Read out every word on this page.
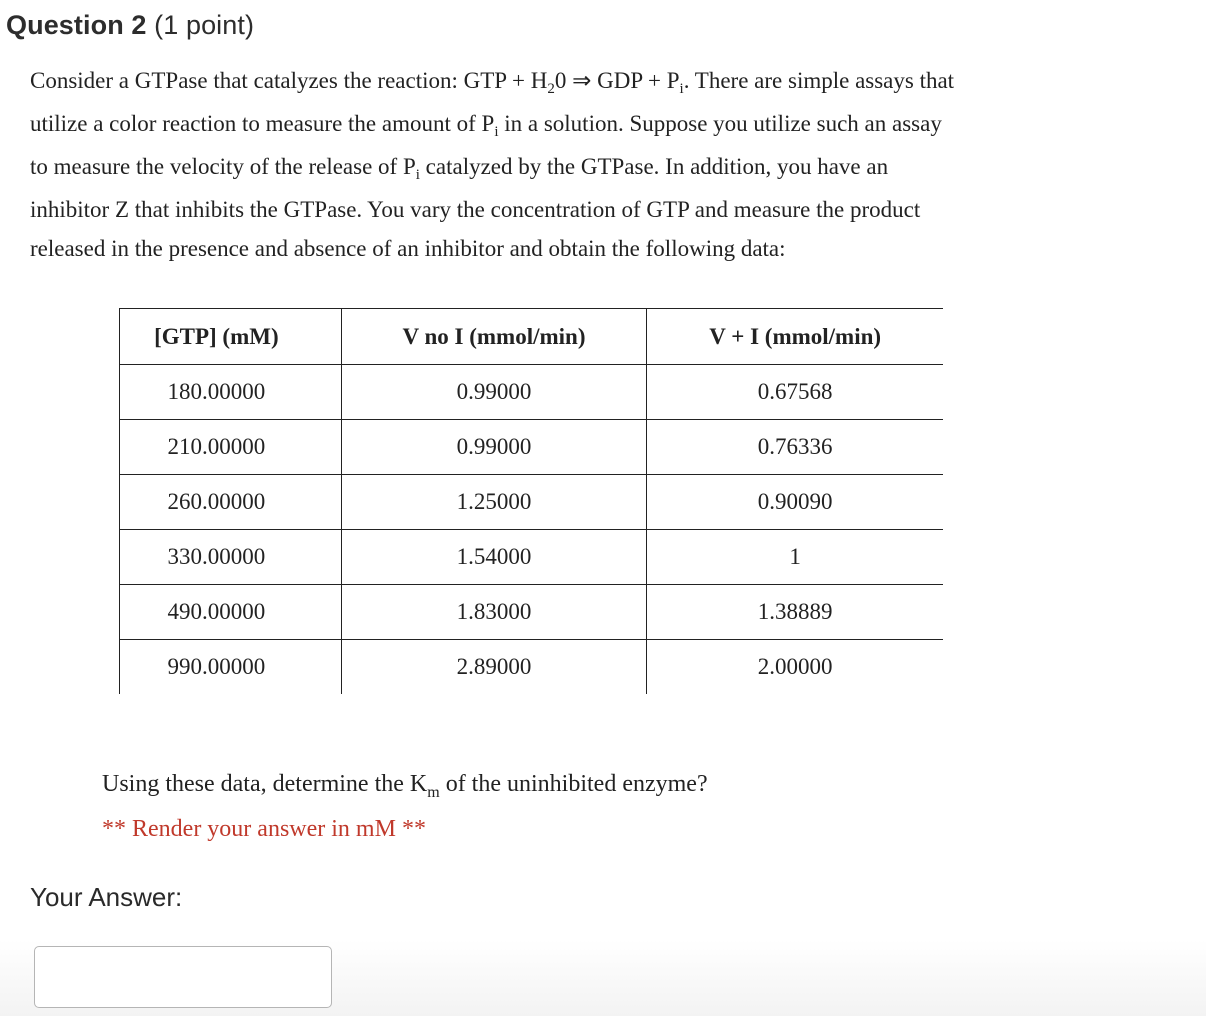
Question 2 (1 point)
Consider a GTPase that catalyzes the reaction: GTP + $H_20$ ⇒ GDP + $P_i$. There are simple assays that
utilize a color reaction to measure the amount of $P_i$ in a solution. Suppose you utilize such an assay
to measure the velocity of the release of $P_i$ catalyzed by the GTPase. In addition, you have an
inhibitor Z that inhibits the GTPase. You vary the concentration of GTP and measure the product
released in the presence and absence of an inhibitor and obtain the following data:
[GTP] (mM)	V no I (mmol/min)	V + I (mmol/min)
180.00000	0.99000	0.67568
210.00000	0.99000	0.76336
260.00000	1.25000	0.90090
330.00000	1.54000	1
490.00000	1.83000	1.38889
990.00000	2.89000	2.00000
Using these data, determine the $K_m$ of the uninhibited enzyme?
** Render your answer in mM **
Your Answer:
